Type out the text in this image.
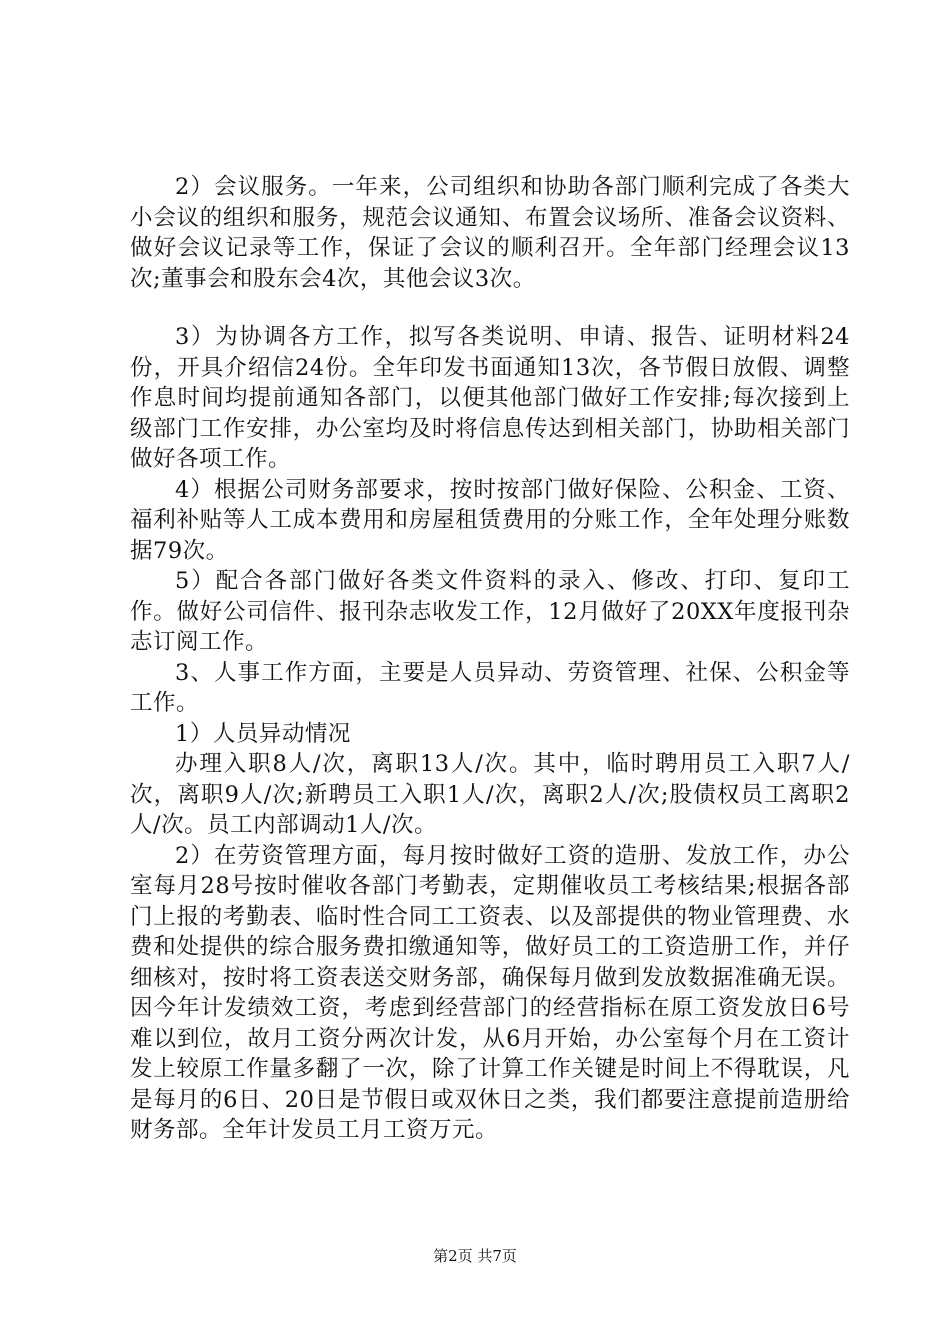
2）会议服务。一年来，公司组织和协助各部门顺利完成了各类大小会议的组织和服务，规范会议通知、布置会议场所、准备会议资料、做好会议记录等工作，保证了会议的顺利召开。全年部门经理会议13次;董事会和股东会4次，其他会议3次。

3）为协调各方工作，拟写各类说明、申请、报告、证明材料24份，开具介绍信24份。全年印发书面通知13次，各节假日放假、调整作息时间均提前通知各部门，以便其他部门做好工作安排;每次接到上级部门工作安排，办公室均及时将信息传达到相关部门，协助相关部门做好各项工作。

4）根据公司财务部要求，按时按部门做好保险、公积金、工资、福利补贴等人工成本费用和房屋租赁费用的分账工作，全年处理分账数据79次。

5）配合各部门做好各类文件资料的录入、修改、打印、复印工作。做好公司信件、报刊杂志收发工作，12月做好了20XX年度报刊杂志订阅工作。

3、人事工作方面，主要是人员异动、劳资管理、社保、公积金等工作。

1）人员异动情况

办理入职8人/次，离职13人/次。其中，临时聘用员工入职7人/次，离职9人/次;新聘员工入职1人/次，离职2人/次;股债权员工离职2人/次。员工内部调动1人/次。

2）在劳资管理方面，每月按时做好工资的造册、发放工作，办公室每月28号按时催收各部门考勤表，定期催收员工考核结果;根据各部门上报的考勤表、临时性合同工工资表、以及部提供的物业管理费、水费和处提供的综合服务费扣缴通知等，做好员工的工资造册工作，并仔细核对，按时将工资表送交财务部，确保每月做到发放数据准确无误。因今年计发绩效工资，考虑到经营部门的经营指标在原工资发放日6号难以到位，故月工资分两次计发，从6月开始，办公室每个月在工资计发上较原工作量多翻了一次，除了计算工作关键是时间上不得耽误，凡是每月的6日、20日是节假日或双休日之类，我们都要注意提前造册给财务部。全年计发员工月工资万元。

第2页 共7页
